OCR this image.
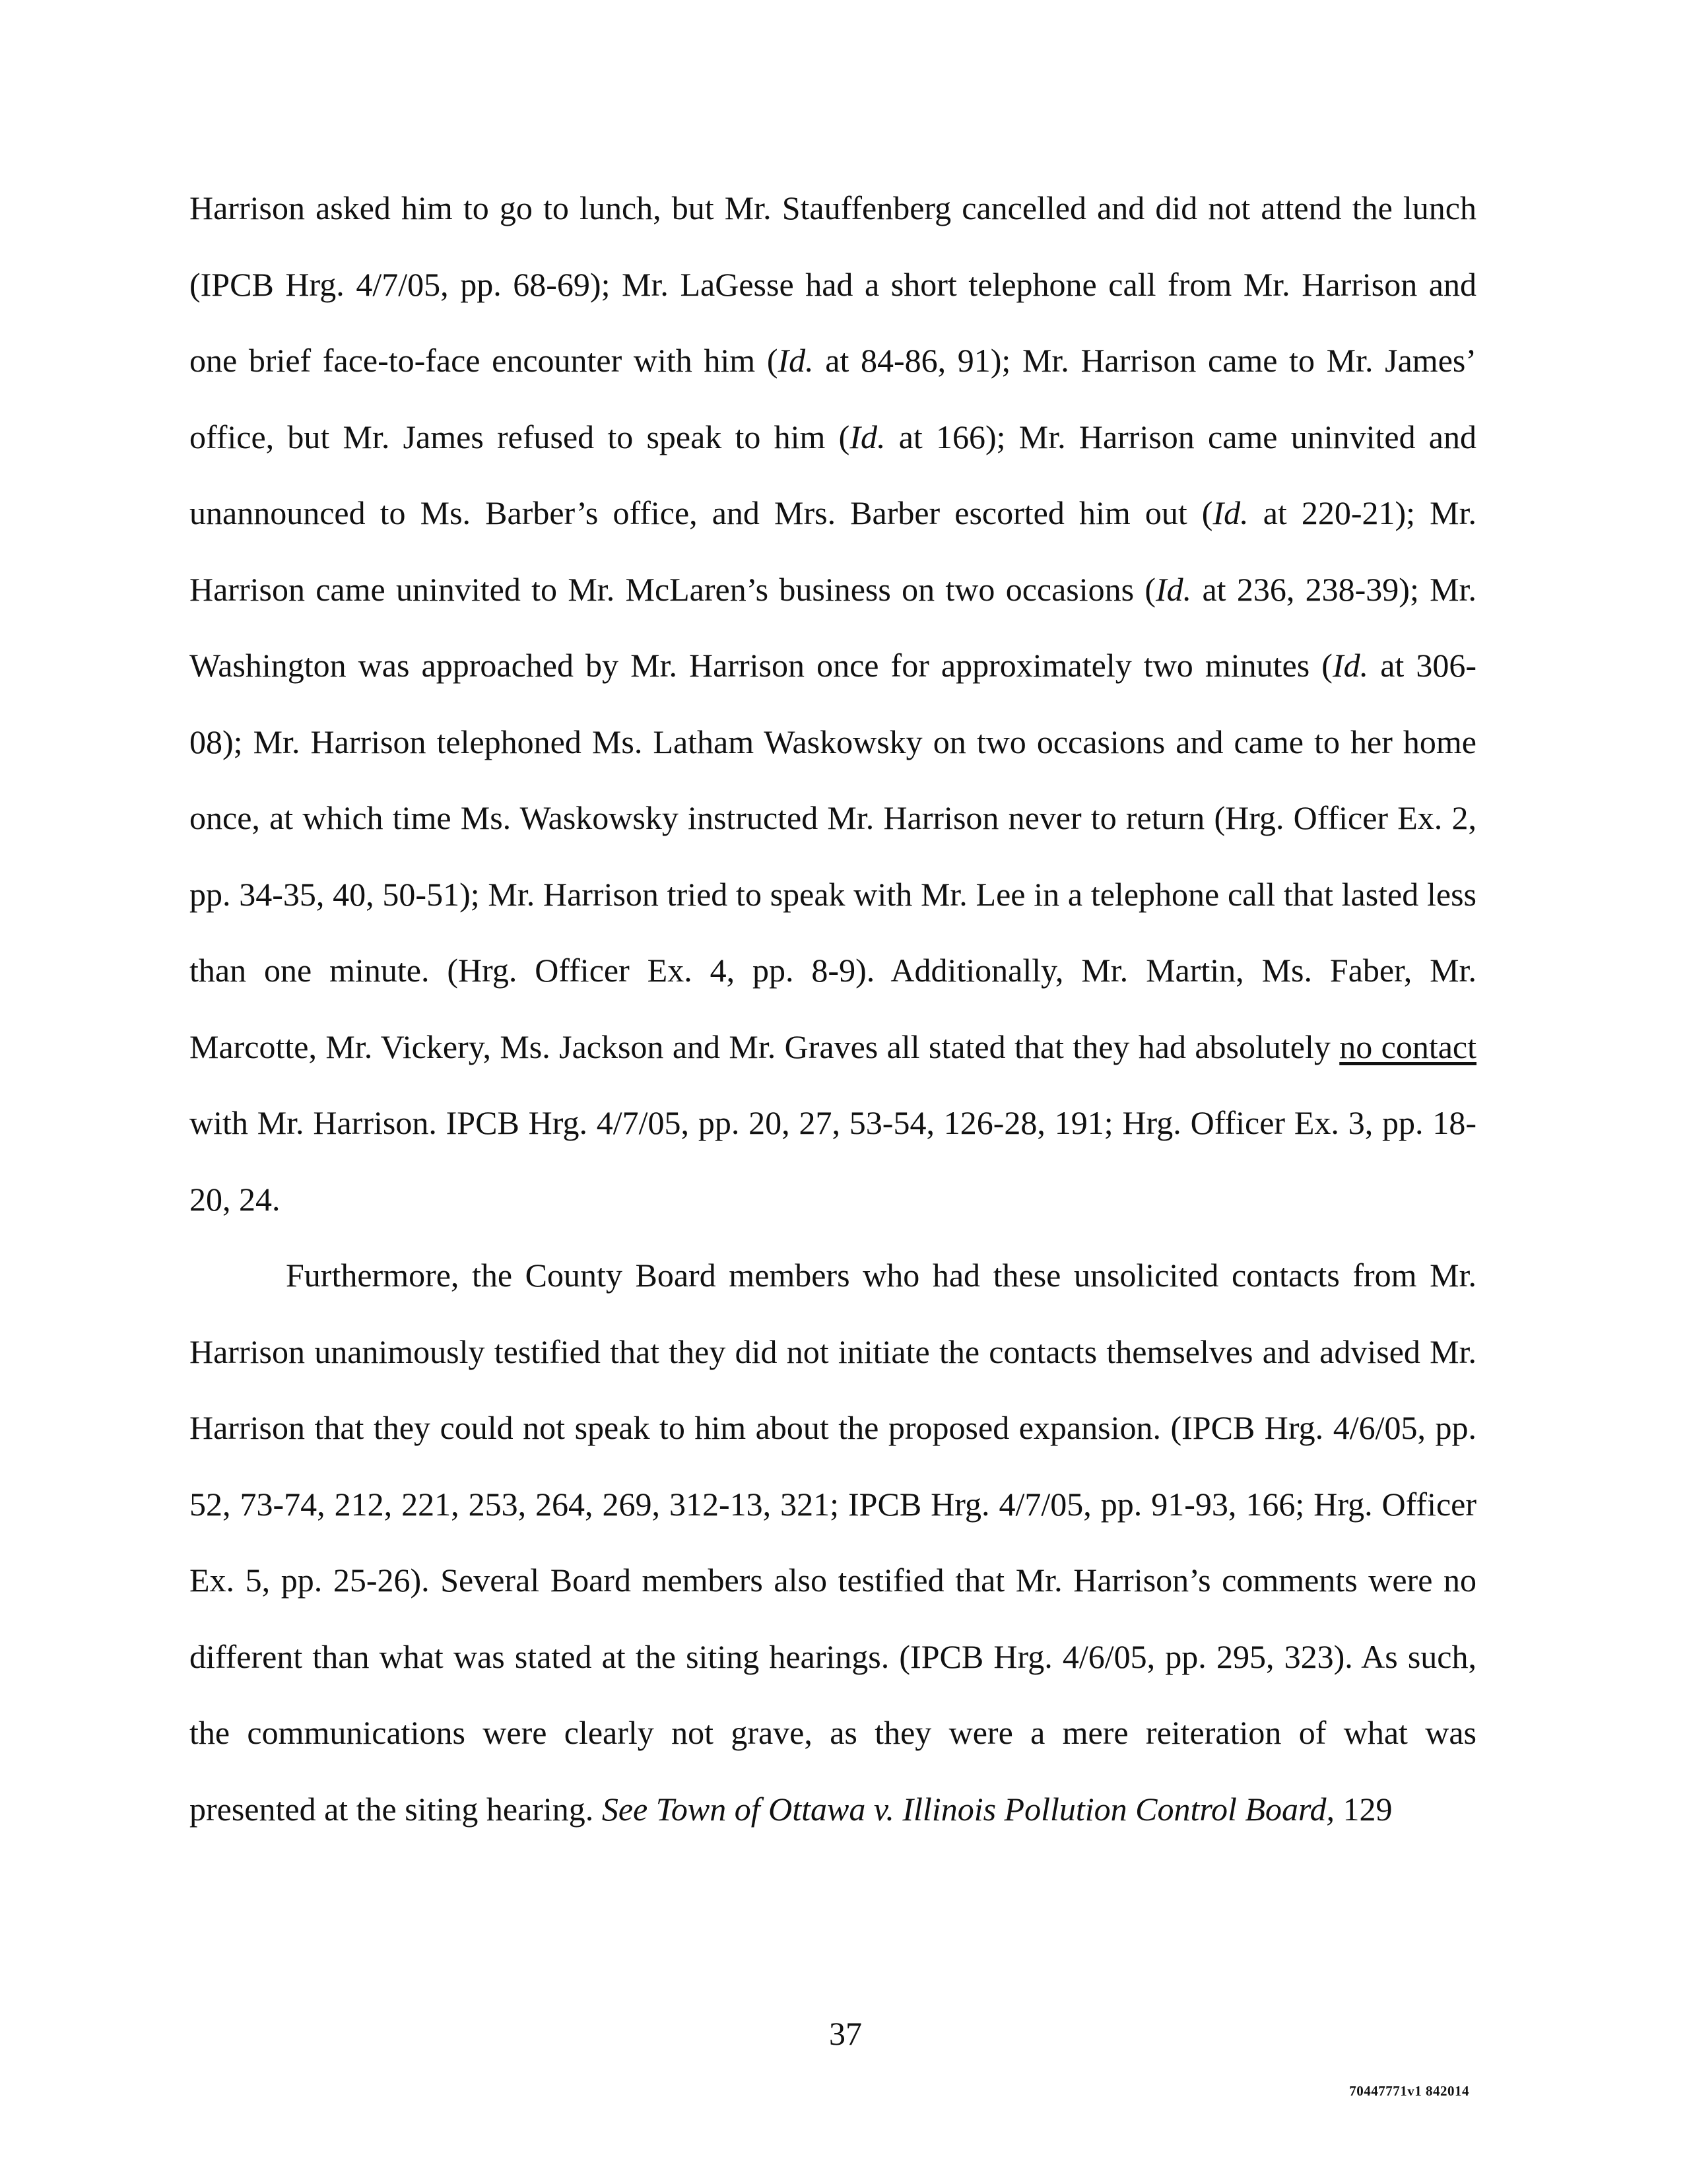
Harrison asked him to go to lunch, but Mr. Stauffenberg cancelled and did not attend the lunch (IPCB Hrg. 4/7/05, pp. 68-69); Mr. LaGesse had a short telephone call from Mr. Harrison and one brief face-to-face encounter with him (Id. at 84-86, 91); Mr. Harrison came to Mr. James’ office, but Mr. James refused to speak to him (Id. at 166); Mr. Harrison came uninvited and unannounced to Ms. Barber’s office, and Mrs. Barber escorted him out (Id. at 220-21); Mr. Harrison came uninvited to Mr. McLaren’s business on two occasions (Id. at 236, 238-39); Mr. Washington was approached by Mr. Harrison once for approximately two minutes (Id. at 306-08); Mr. Harrison telephoned Ms. Latham Waskowsky on two occasions and came to her home once, at which time Ms. Waskowsky instructed Mr. Harrison never to return (Hrg. Officer Ex. 2, pp. 34-35, 40, 50-51); Mr. Harrison tried to speak with Mr. Lee in a telephone call that lasted less than one minute. (Hrg. Officer Ex. 4, pp. 8-9). Additionally, Mr. Martin, Ms. Faber, Mr. Marcotte, Mr. Vickery, Ms. Jackson and Mr. Graves all stated that they had absolutely no contact with Mr. Harrison. IPCB Hrg. 4/7/05, pp. 20, 27, 53-54, 126-28, 191; Hrg. Officer Ex. 3, pp. 18-20, 24.

Furthermore, the County Board members who had these unsolicited contacts from Mr. Harrison unanimously testified that they did not initiate the contacts themselves and advised Mr. Harrison that they could not speak to him about the proposed expansion. (IPCB Hrg. 4/6/05, pp. 52, 73-74, 212, 221, 253, 264, 269, 312-13, 321; IPCB Hrg. 4/7/05, pp. 91-93, 166; Hrg. Officer Ex. 5, pp. 25-26). Several Board members also testified that Mr. Harrison’s comments were no different than what was stated at the siting hearings. (IPCB Hrg. 4/6/05, pp. 295, 323). As such, the communications were clearly not grave, as they were a mere reiteration of what was presented at the siting hearing. See Town of Ottawa v. Illinois Pollution Control Board, 129

37
70447771v1 842014
